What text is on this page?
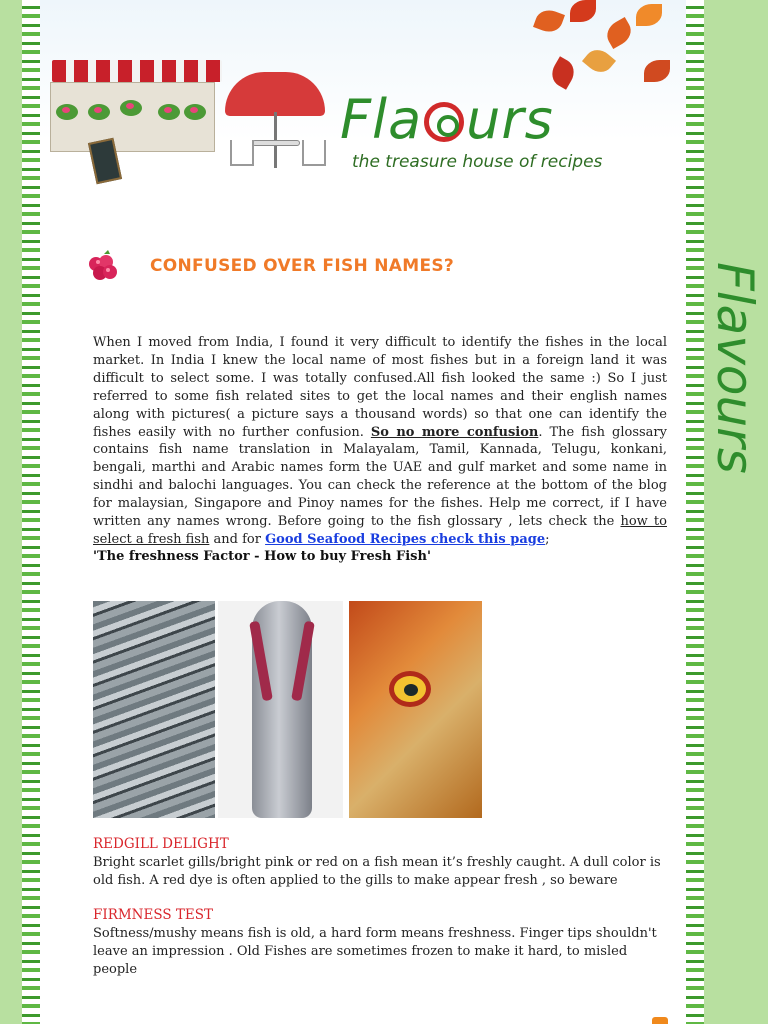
Fla urs
the treasure house of recipes
Flavours
CONFUSED OVER FISH NAMES?

When I moved from India, I found it very difficult to identify the fishes in the local market. In India I knew the local name of most fishes but in a foreign land it was difficult to select some. I was totally confused.All fish looked the same :) So I just referred to some fish related sites to get the local names and their english names along with pictures( a picture says a thousand words) so that one can identify the fishes easily with no further confusion. So no more confusion. The fish glossary contains fish name translation in Malayalam, Tamil, Kannada, Telugu, konkani, bengali, marthi and Arabic names form the UAE and gulf market and some name in sindhi and balochi languages. You can check the reference at the bottom of the blog for malaysian, Singapore and Pinoy names for the fishes. Help me correct, if I have written any names wrong. Before going to the fish glossary , lets check the how to select a fresh fish and for Good Seafood Recipes check this page;

'The freshness Factor - How to buy Fresh Fish'
REDGILL DELIGHT
Bright scarlet gills/bright pink or red on a fish mean it’s freshly caught. A dull color is old fish. A red dye is often applied to the gills to make appear fresh , so beware
FIRMNESS TEST
Softness/mushy means fish is old, a hard form means freshness. Finger tips shouldn't leave an impression . Old Fishes are sometimes frozen to make it hard, to misled people
